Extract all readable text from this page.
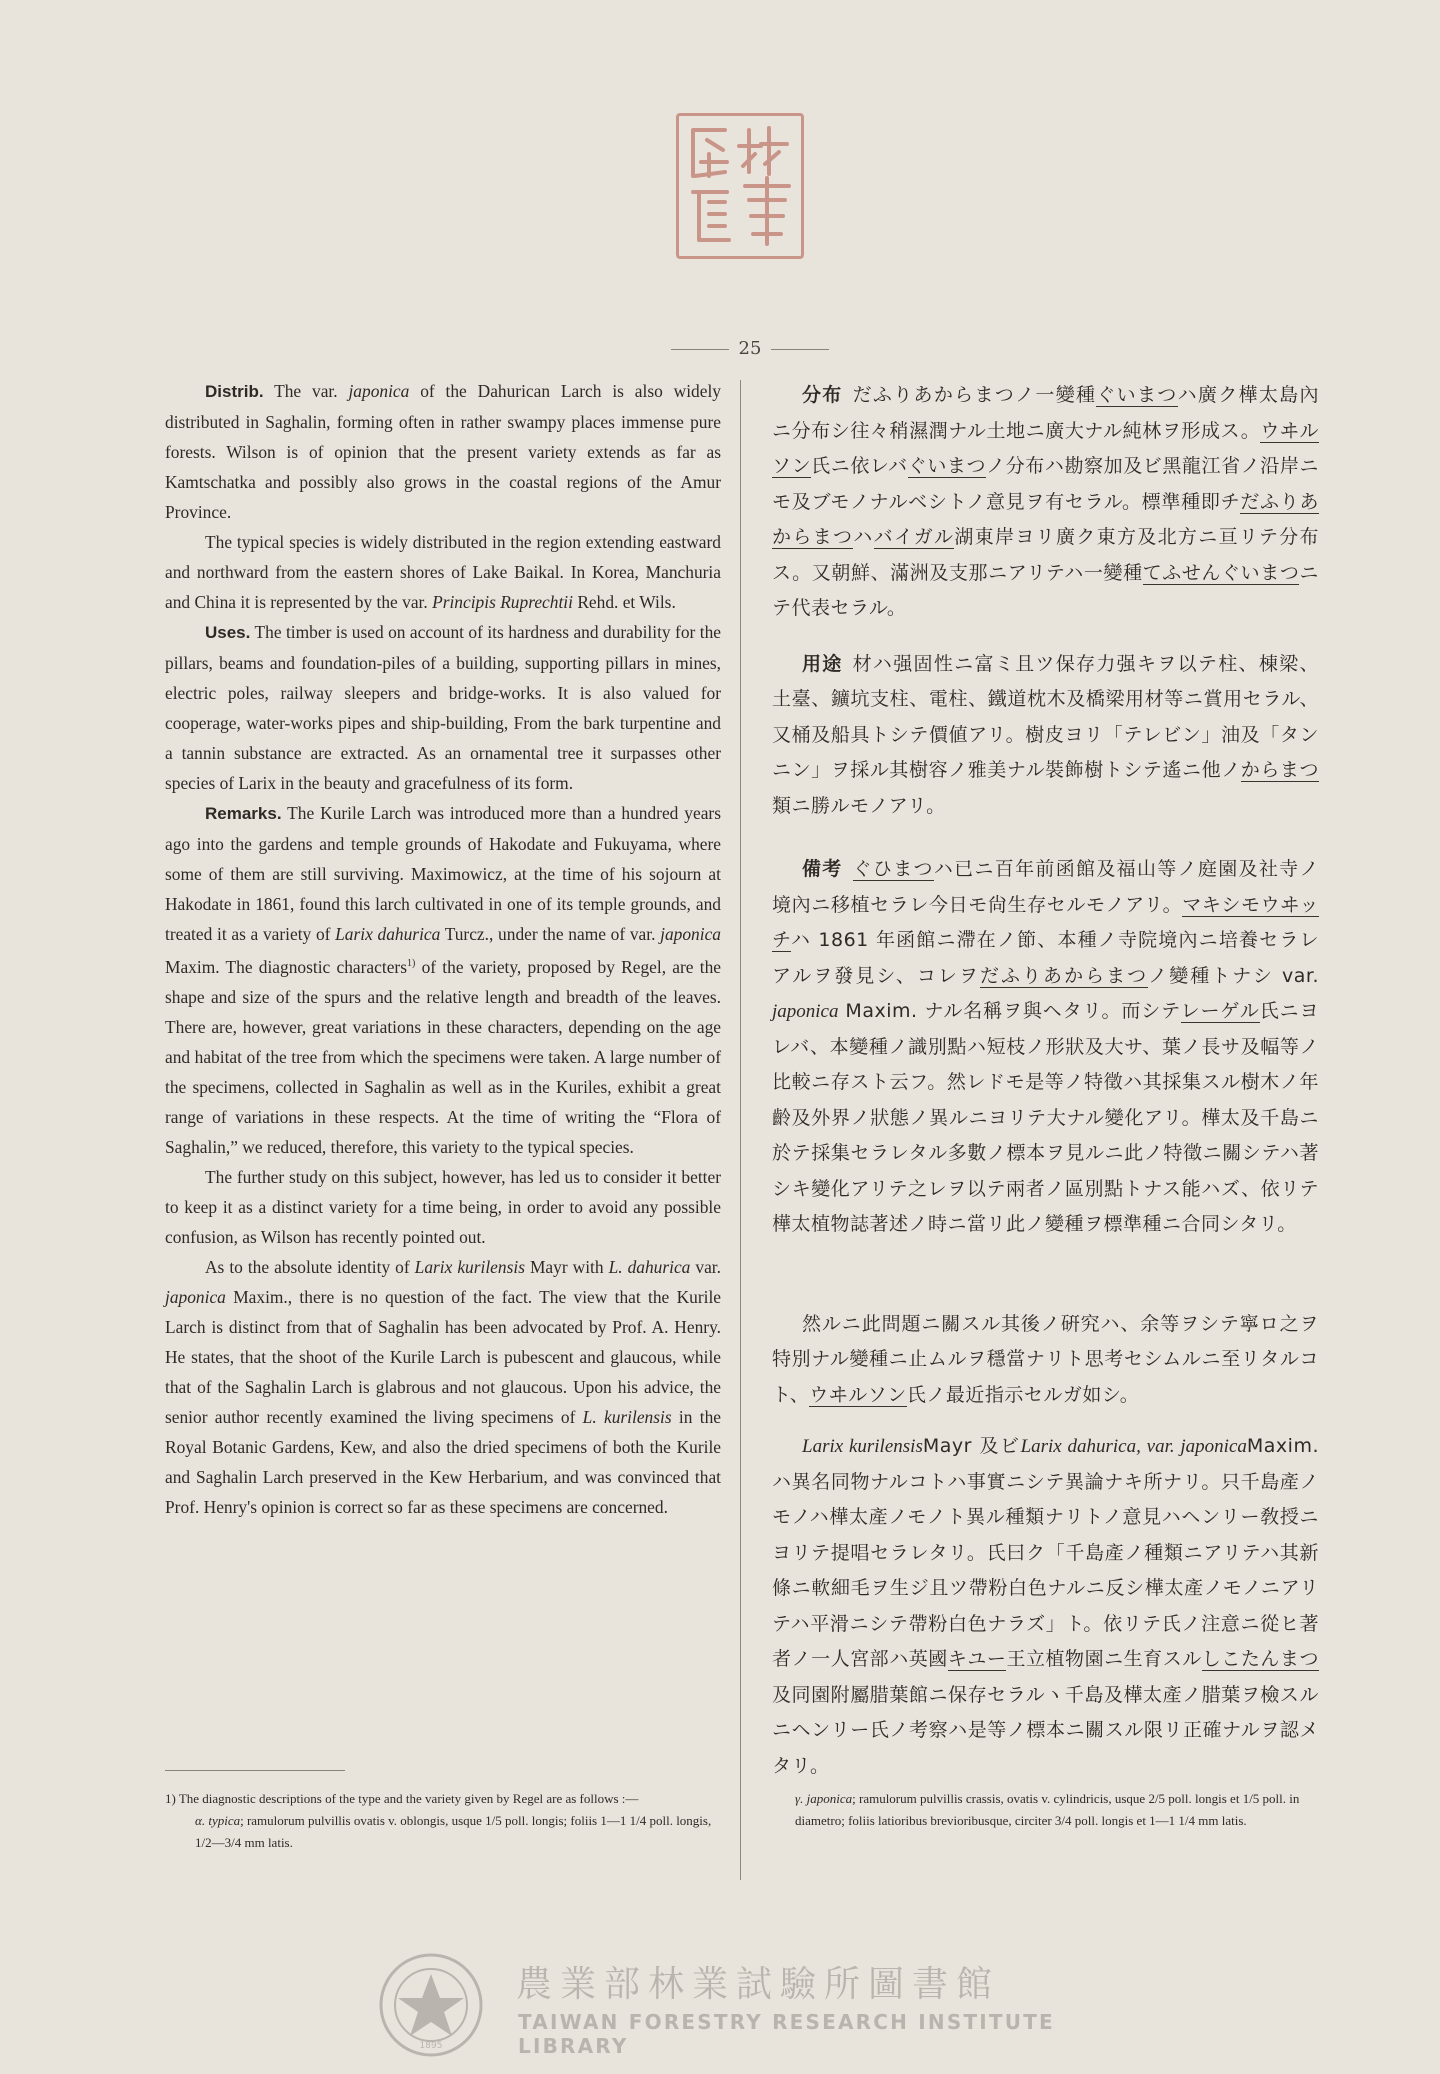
25

Distrib. The var. japonica of the Dahurican Larch is also widely distributed in Saghalin, forming often in rather swampy places immense pure forests. Wilson is of opinion that the present variety extends as far as Kamtschatka and possibly also grows in the coastal regions of the Amur Province.

The typical species is widely distributed in the region extending eastward and northward from the eastern shores of Lake Baikal. In Korea, Manchuria and China it is represented by the var. Principis Ruprechtii Rehd. et Wils.

Uses. The timber is used on account of its hardness and durability for the pillars, beams and foundation-piles of a building, supporting pillars in mines, electric poles, railway sleepers and bridge-works. It is also valued for cooperage, water-works pipes and ship-building, From the bark turpentine and a tannin substance are extracted. As an ornamental tree it surpasses other species of Larix in the beauty and gracefulness of its form.

Remarks. The Kurile Larch was introduced more than a hundred years ago into the gardens and temple grounds of Hakodate and Fukuyama, where some of them are still surviving. Maximowicz, at the time of his sojourn at Hakodate in 1861, found this larch cultivated in one of its temple grounds, and treated it as a variety of Larix dahurica Turcz., under the name of var. japonica Maxim. The diagnostic characters$^{1)}$ of the variety, proposed by Regel, are the shape and size of the spurs and the relative length and breadth of the leaves. There are, however, great variations in these characters, depending on the age and habitat of the tree from which the specimens were taken. A large number of the specimens, collected in Saghalin as well as in the Kuriles, exhibit a great range of variations in these respects. At the time of writing the “Flora of Saghalin,” we reduced, therefore, this variety to the typical species.

The further study on this subject, however, has led us to consider it better to keep it as a distinct variety for a time being, in order to avoid any possible confusion, as Wilson has recently pointed out.

As to the absolute identity of Larix kurilensis Mayr with L. dahurica var. japonica Maxim., there is no question of the fact. The view that the Kurile Larch is distinct from that of Saghalin has been advocated by Prof. A. Henry. He states, that the shoot of the Kurile Larch is pubescent and glaucous, while that of the Saghalin Larch is glabrous and not glaucous. Upon his advice, the senior author recently examined the living specimens of L. kurilensis in the Royal Botanic Gardens, Kew, and also the dried specimens of both the Kurile and Saghalin Larch preserved in the Kew Herbarium, and was convinced that Prof. Henry's opinion is correct so far as these specimens are concerned.

分布 だふりあからまつノ一變種ぐいまつハ廣ク樺太島內ニ分布シ往々稍濕潤ナル土地ニ廣大ナル純林ヲ形成ス。ウヰルソン氏ニ依レバぐいまつノ分布ハ勘察加及ビ黑龍江省ノ沿岸ニモ及ブモノナルベシトノ意見ヲ有セラル。標準種即チだふりあからまつハバイガル湖東岸ヨリ廣ク東方及北方ニ亘リテ分布ス。又朝鮮、滿洲及支那ニアリテハ一變種てふせんぐいまつニテ代表セラル。

用途 材ハ强固性ニ富ミ且ツ保存力强キヲ以テ柱、棟梁、土臺、鑛坑支柱、電柱、鐵道枕木及橋梁用材等ニ賞用セラル、又桶及船具トシテ價値アリ。樹皮ヨリ「テレビン」油及「タンニン」ヲ採ル其樹容ノ雅美ナル裝飾樹トシテ遙ニ他ノからまつ類ニ勝ルモノアリ。

備考 ぐひまつハ已ニ百年前函館及福山等ノ庭園及社寺ノ境內ニ移植セラレ今日モ尙生存セルモノアリ。マキシモウヰッチハ 1861 年函館ニ滯在ノ節、本種ノ寺院境內ニ培養セラレアルヲ發見シ、コレヲだふりあからまつノ變種トナシ var. japonica Maxim. ナル名稱ヲ與ヘタリ。而シテレーゲル氏ニヨレバ、本變種ノ識別點ハ短枝ノ形狀及大サ、葉ノ長サ及幅等ノ比較ニ存スト云フ。然レドモ是等ノ特徵ハ其採集スル樹木ノ年齡及外界ノ狀態ノ異ルニヨリテ大ナル變化アリ。樺太及千島ニ於テ採集セラレタル多數ノ標本ヲ見ルニ此ノ特徵ニ關シテハ著シキ變化アリテ之レヲ以テ兩者ノ區別點トナス能ハズ、依リテ樺太植物誌著述ノ時ニ當リ此ノ變種ヲ標準種ニ合同シタリ。

然ルニ此問題ニ關スル其後ノ硏究ハ、余等ヲシテ寧ロ之ヲ特別ナル變種ニ止ムルヲ穩當ナリト思考セシムルニ至リタルコト、ウヰルソン氏ノ最近指示セルガ如シ。

Larix kurilensisMayr 及ビLarix dahurica, var. japonicaMaxim. ハ異名同物ナルコトハ事實ニシテ異論ナキ所ナリ。只千島產ノモノハ樺太產ノモノト異ル種類ナリトノ意見ハヘンリー敎授ニヨリテ提唱セラレタリ。氏曰ク「千島產ノ種類ニアリテハ其新條ニ軟細毛ヲ生ジ且ツ帶粉白色ナルニ反シ樺太產ノモノニアリテハ平滑ニシテ帶粉白色ナラズ」ト。依リテ氏ノ注意ニ從ヒ著者ノ一人宮部ハ英國キユー王立植物園ニ生育スルしこたんまつ及同園附屬腊葉館ニ保存セラルヽ千島及樺太產ノ腊葉ヲ檢スルニヘンリー氏ノ考察ハ是等ノ標本ニ關スル限リ正確ナルヲ認メタリ。

1) The diagnostic descriptions of the type and the variety given by Regel are as follows :—

α. typica; ramulorum pulvillis ovatis v. oblongis, usque 1/5 poll. longis; foliis 1—1 1/4 poll. longis, 1/2—3/4 mm latis.

γ. japonica; ramulorum pulvillis crassis, ovatis v. cylindricis, usque 2/5 poll. longis et 1/5 poll. in diametro; foliis latioribus brevioribusque, circiter 3/4 poll. longis et 1—1 1/4 mm latis.

1895
農業部林業試驗所圖書館
TAIWAN FORESTRY RESEARCH INSTITUTE LIBRARY
